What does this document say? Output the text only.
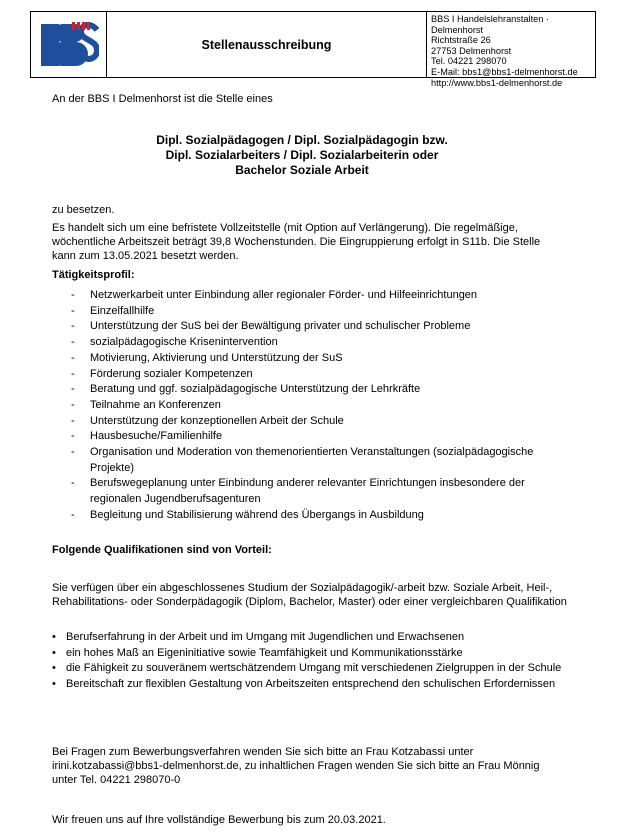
Stellenausschreibung
BBS I Handelslehranstalten · Delmenhorst
Richtstraße 26
27753 Delmenhorst
Tel. 04221 298070
E-Mail: bbs1@bbs1-delmenhorst.de
http://www.bbs1-delmenhorst.de
An der BBS I Delmenhorst ist die Stelle eines
Dipl. Sozialpädagogen / Dipl. Sozialpädagogin bzw.
Dipl. Sozialarbeiters / Dipl. Sozialarbeiterin oder
Bachelor Soziale Arbeit
zu besetzen.
Es handelt sich um eine befristete Vollzeitstelle (mit Option auf Verlängerung). Die regelmäßige, wöchentliche Arbeitszeit beträgt 39,8 Wochenstunden. Die Eingruppierung erfolgt in S11b. Die Stelle kann zum 13.05.2021 besetzt werden.
Tätigkeitsprofil:
- Netzwerkarbeit unter Einbindung aller regionaler Förder- und Hilfeeinrichtungen
- Einzelfallhilfe
- Unterstützung der SuS bei der Bewältigung privater und schulischer Probleme
- sozialpädagogische Krisenintervention
- Motivierung, Aktivierung und Unterstützung der SuS
- Förderung sozialer Kompetenzen
- Beratung und ggf. sozialpädagogische Unterstützung der Lehrkräfte
- Teilnahme an Konferenzen
- Unterstützung der konzeptionellen Arbeit der Schule
- Hausbesuche/Familienhilfe
- Organisation und Moderation von themenorientierten Veranstaltungen (sozialpädagogische Projekte)
- Berufswegeplanung unter Einbindung anderer relevanter Einrichtungen insbesondere der regionalen Jugendberufsagenturen
- Begleitung und Stabilisierung während des Übergangs in Ausbildung
Folgende Qualifikationen sind von Vorteil:
Sie verfügen über ein abgeschlossenes Studium der Sozialpädagogik/-arbeit bzw. Soziale Arbeit, Heil-, Rehabilitations- oder Sonderpädagogik (Diplom, Bachelor, Master) oder einer vergleichbaren Qualifikation
• Berufserfahrung in der Arbeit und im Umgang mit Jugendlichen und Erwachsenen
• ein hohes Maß an Eigeninitiative sowie Teamfähigkeit und Kommunikationsstärke
• die Fähigkeit zu souveränem wertschätzendem Umgang mit verschiedenen Zielgruppen in der Schule
• Bereitschaft zur flexiblen Gestaltung von Arbeitszeiten entsprechend den schulischen Erfordernissen
Bei Fragen zum Bewerbungsverfahren wenden Sie sich bitte an Frau Kotzabassi unter irini.kotzabassi@bbs1-delmenhorst.de, zu inhaltlichen Fragen wenden Sie sich bitte an Frau Mönnig unter Tel. 04221 298070-0
Wir freuen uns auf Ihre vollständige Bewerbung bis zum 20.03.2021.
